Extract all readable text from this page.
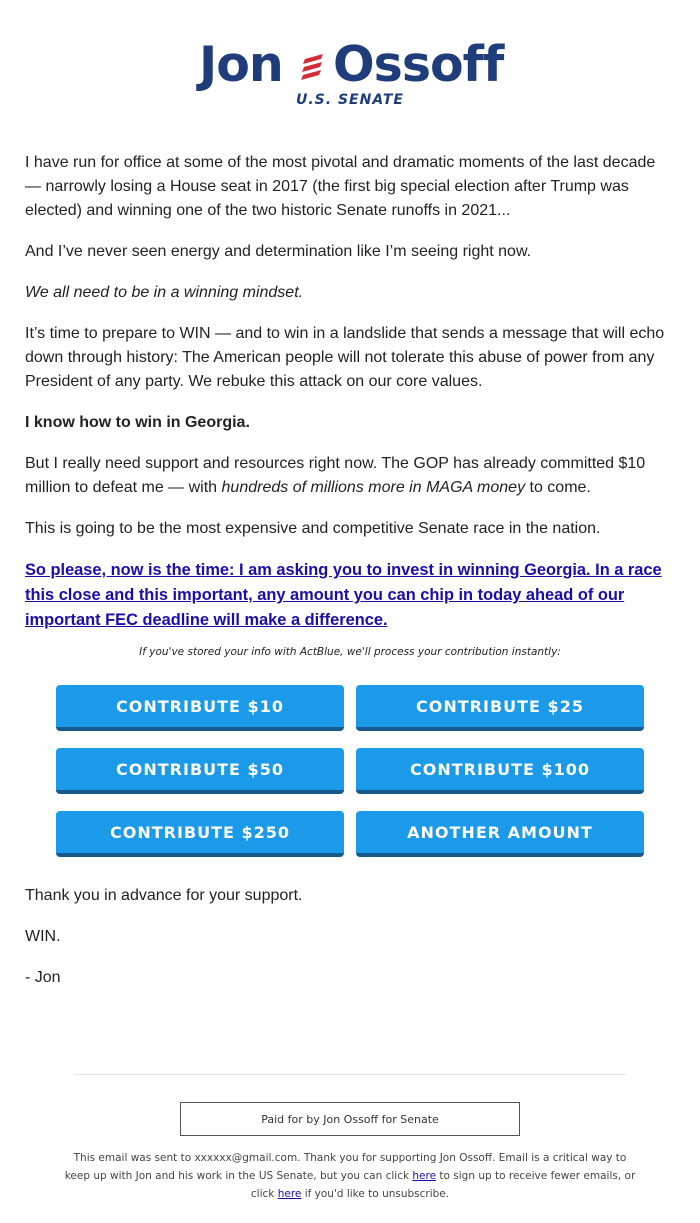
Jon Ossoff
U.S. SENATE

I have run for office at some of the most pivotal and dramatic moments of the last decade — narrowly losing a House seat in 2017 (the first big special election after Trump was elected) and winning one of the two historic Senate runoffs in 2021...

And I’ve never seen energy and determination like I’m seeing right now.

We all need to be in a winning mindset.

It’s time to prepare to WIN — and to win in a landslide that sends a message that will echo down through history: The American people will not tolerate this abuse of power from any President of any party. We rebuke this attack on our core values.

I know how to win in Georgia.

But I really need support and resources right now. The GOP has already committed $10 million to defeat me — with hundreds of millions more in MAGA money to come.

This is going to be the most expensive and competitive Senate race in the nation.

So please, now is the time: I am asking you to invest in winning Georgia. In a race this close and this important, any amount you can chip in today ahead of our important FEC deadline will make a difference.

If you've stored your info with ActBlue, we'll process your contribution instantly:
CONTRIBUTE $10	CONTRIBUTE $25
CONTRIBUTE $50	CONTRIBUTE $100
CONTRIBUTE $250	ANOTHER AMOUNT

Thank you in advance for your support.

WIN.

- Jon

Paid for by Jon Ossoff for Senate
This email was sent to xxxxxx@gmail.com. Thank you for supporting Jon Ossoff. Email is a critical way to keep up with Jon and his work in the US Senate, but you can click here to sign up to receive fewer emails, or click here if you'd like to unsubscribe.
